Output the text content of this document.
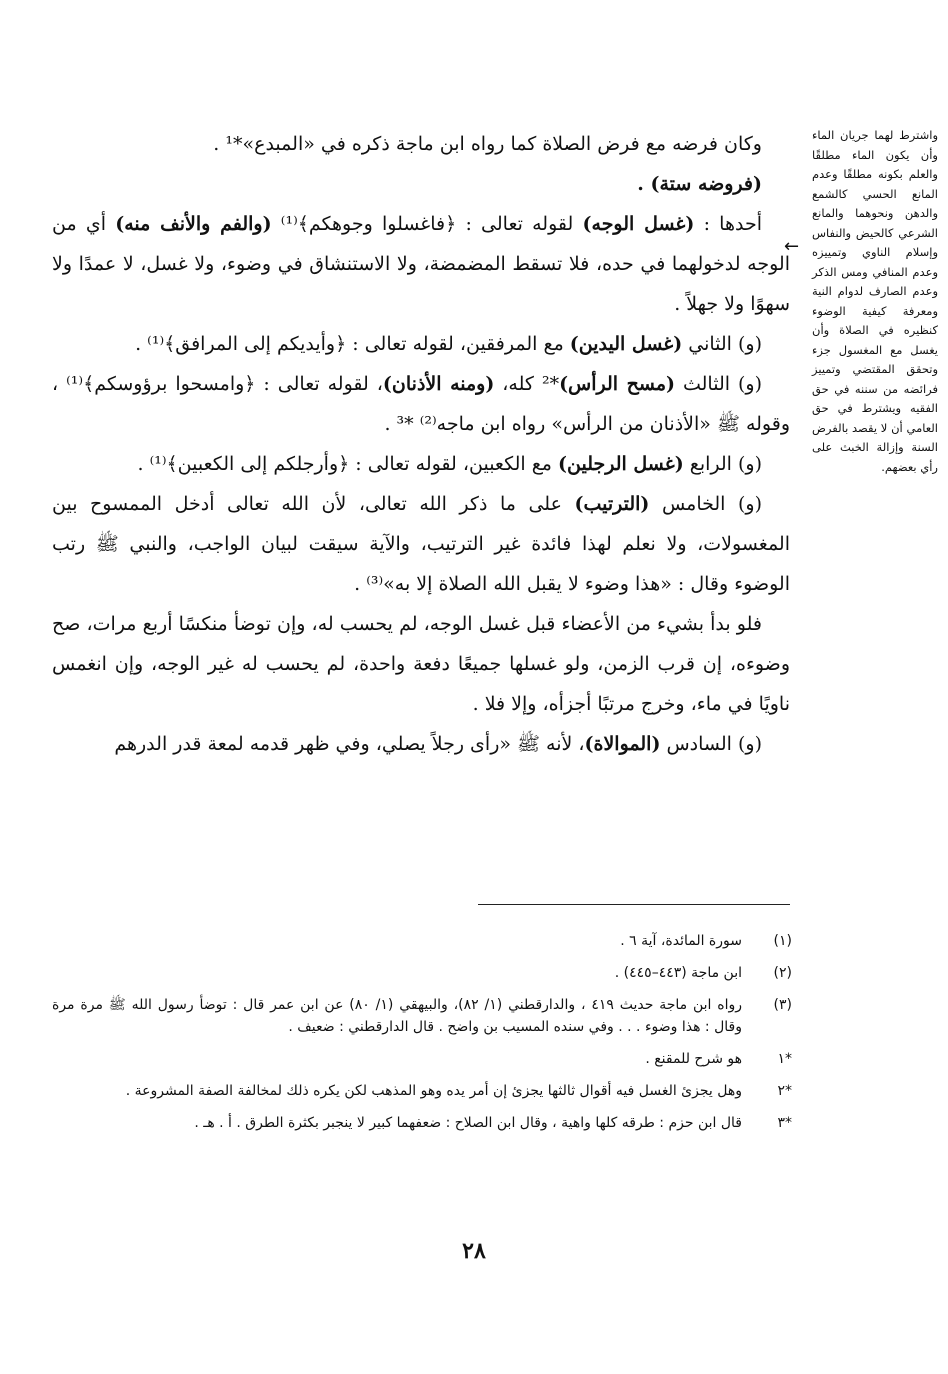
واشترط لهما جريان الماء وأن يكون الماء مطلقًا والعلم بكونه مطلقًا وعدم المانع الحسي كالشمع والدهن ونحوهما والمانع الشرعي كالحيض والنفاس وإسلام الناوي وتمييزه وعدم المنافي ومس الذكر وعدم الصارف لدوام النية ومعرفة كيفية الوضوء كنظيره في الصلاة وأن يغسل مع المغسول جزء وتحقق المقتضي وتمييز فرائضه من سننه في حق الفقيه ويشترط في حق العامي أن لا يقصد بالفرض السنة وإزالة الخبث على رأي بعضهم.
←

وكان فرضه مع فرض الصلاة كما رواه ابن ماجة ذكره في «المبدع»*¹ .

(فروضه ستة) .

أحدها : (غسل الوجه) لقوله تعالى : ﴿فاغسلوا وجوهكم﴾⁽¹⁾ (والفم والأنف منه) أي من الوجه لدخولهما في حده، فلا تسقط المضمضة، ولا الاستنشاق في وضوء، ولا غسل، لا عمدًا ولا سهوًا ولا جهلاً .

(و) الثاني (غسل اليدين) مع المرفقين، لقوله تعالى : ﴿وأيديكم إلى المرافق﴾⁽¹⁾ .

(و) الثالث (مسح الرأس)*² كله، (ومنه الأذنان)، لقوله تعالى : ﴿وامسحوا برؤوسكم﴾⁽¹⁾ ، وقوله ﷺ «الأذنان من الرأس» رواه ابن ماجه⁽²⁾ *³ .

(و) الرابع (غسل الرجلين) مع الكعبين، لقوله تعالى : ﴿وأرجلكم إلى الكعبين﴾⁽¹⁾ .

(و) الخامس (الترتيب) على ما ذكر الله تعالى، لأن الله تعالى أدخل الممسوح بين المغسولات، ولا نعلم لهذا فائدة غير الترتيب، والآية سيقت لبيان الواجب، والنبي ﷺ رتب الوضوء وقال : «هذا وضوء لا يقبل الله الصلاة إلا به»⁽³⁾ .

فلو بدأ بشيء من الأعضاء قبل غسل الوجه، لم يحسب له، وإن توضأ منكسًا أربع مرات، صح وضوءه، إن قرب الزمن، ولو غسلها جميعًا دفعة واحدة، لم يحسب له غير الوجه، وإن انغمس ناويًا في ماء، وخرج مرتبًا أجزأه، وإلا فلا .

(و) السادس (الموالاة)، لأنه ﷺ «رأى رجلاً يصلي، وفي ظهر قدمه لمعة قدر الدرهم

(١)
سورة المائدة، آية ٦ .
(٢)
ابن ماجة (٤٤٣–٤٤٥) .
(٣)
رواه ابن ماجة حديث ٤١٩ ، والدارقطني (١/ ٨٢)، والبيهقي (١/ ٨٠) عن ابن عمر قال : توضأ رسول الله ﷺ مرة مرة وقال : هذا وضوء . . . وفي سنده المسيب بن واضح . قال الدارقطني : ضعيف .
*١
هو شرح للمقنع .
*٢
وهل يجزئ الغسل فيه أقوال ثالثها يجزئ إن أمر يده وهو المذهب لكن يكره ذلك لمخالفة الصفة المشروعة .
*٣
قال ابن حزم : طرقه كلها واهية ، وقال ابن الصلاح : ضعفهما كبير لا ينجبر بكثرة الطرق . أ . هـ .
٢٨
